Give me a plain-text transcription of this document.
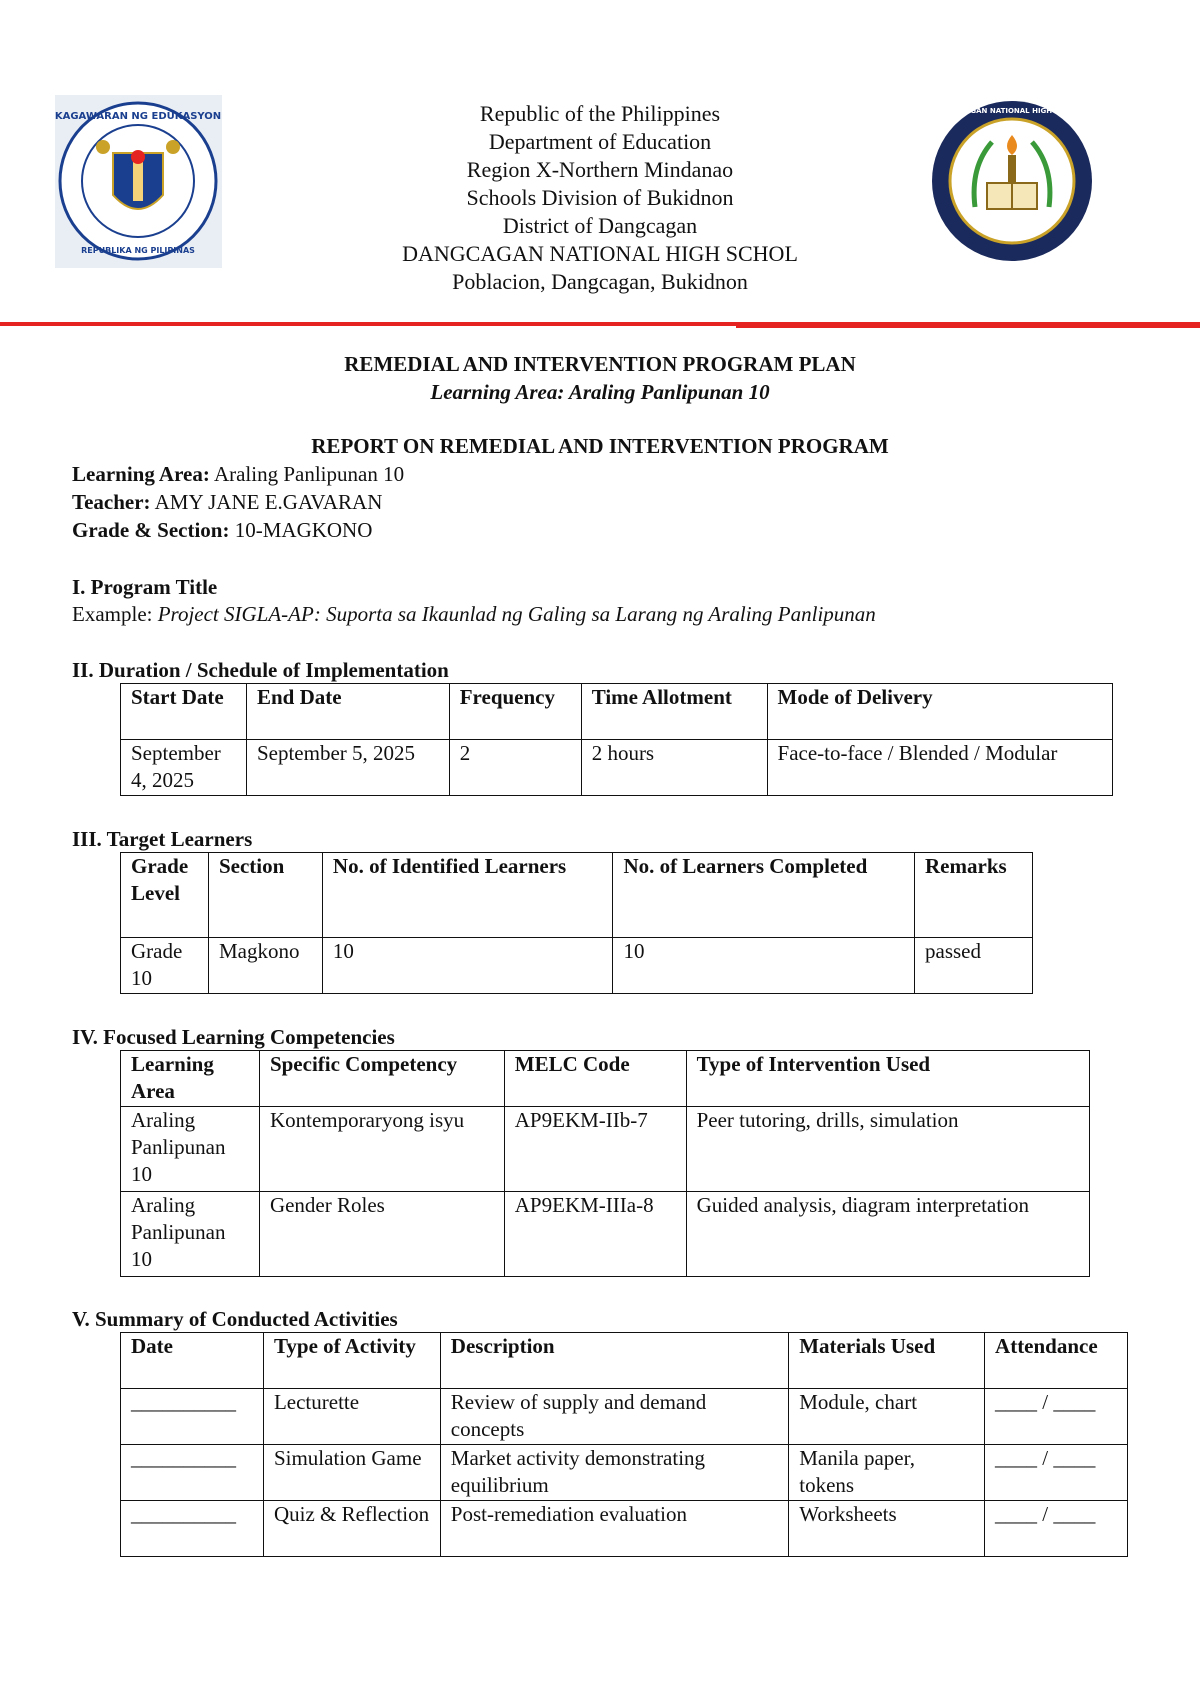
KAGAWARAN NG EDUKASYON
REPUBLIKA NG PILIPINAS
DANGCAGAN NATIONAL HIGH SCHOOL
Republic of the Philippines
Department of Education
Region X-Northern Mindanao
Schools Division of Bukidnon
District of Dangcagan
DANGCAGAN NATIONAL HIGH SCHOL
Poblacion, Dangcagan, Bukidnon
REMEDIAL AND INTERVENTION PROGRAM PLAN
Learning Area: Araling Panlipunan 10
REPORT ON REMEDIAL AND INTERVENTION PROGRAM
Learning Area: Araling Panlipunan 10
Teacher: AMY JANE E.GAVARAN
Grade & Section: 10-MAGKONO
I. Program Title
Example: Project SIGLA-AP: Suporta sa Ikaunlad ng Galing sa Larang ng Araling Panlipunan
II. Duration / Schedule of Implementation
Start Date	End Date	Frequency	Time Allotment	Mode of Delivery
September 4, 2025	September 5, 2025	2	2 hours	Face-to-face / Blended / Modular
III. Target Learners
Grade Level	Section	No. of Identified Learners	No. of Learners Completed	Remarks
Grade 10	Magkono	10	10	passed
IV. Focused Learning Competencies
Learning Area	Specific Competency	MELC Code	Type of Intervention Used
Araling Panlipunan 10	Kontemporaryong isyu	AP9EKM-IIb-7	Peer tutoring, drills, simulation
Araling Panlipunan 10	Gender Roles	AP9EKM-IIIa-8	Guided analysis, diagram interpretation
V. Summary of Conducted Activities
Date	Type of Activity	Description	Materials Used	Attendance
__________	Lecturette	Review of supply and demand concepts	Module, chart	____ / ____
__________	Simulation Game	Market activity demonstrating equilibrium	Manila paper, tokens	____ / ____
__________	Quiz & Reflection	Post-remediation evaluation	Worksheets	____ / ____
